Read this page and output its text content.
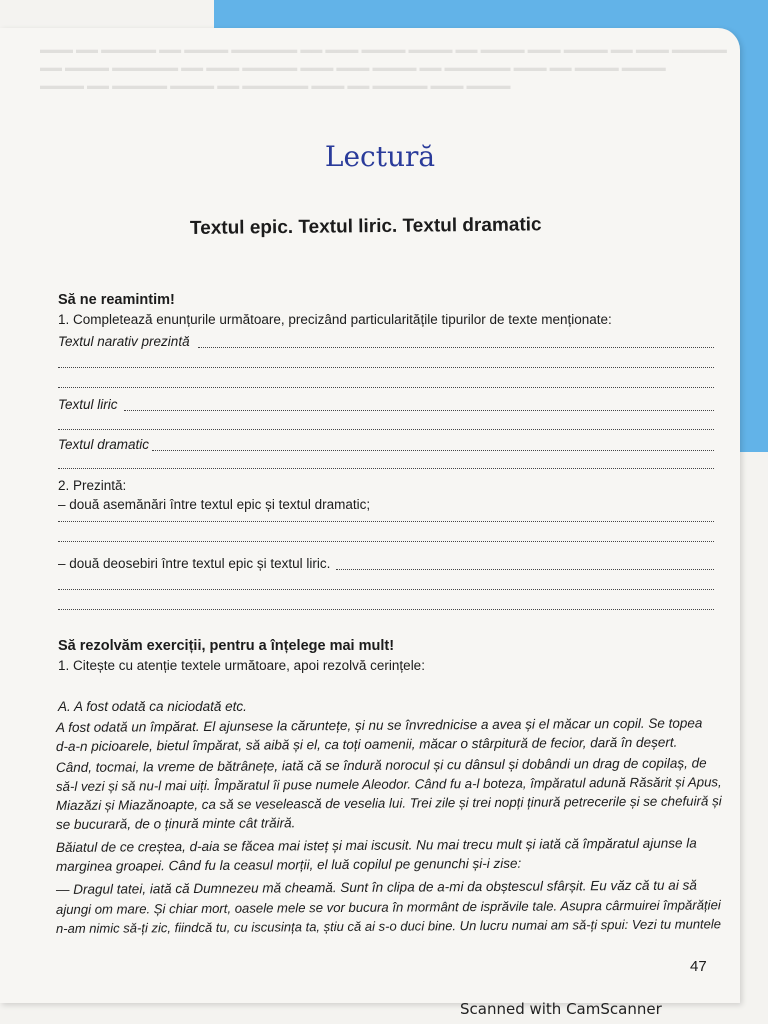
▬▬▬ ▬▬ ▬▬▬▬▬ ▬▬ ▬▬▬▬ ▬▬▬▬▬▬ ▬▬ ▬▬▬ ▬▬▬▬ ▬▬▬▬ ▬▬ ▬▬▬▬ ▬▬▬ ▬▬▬▬ ▬▬ ▬▬▬ ▬▬▬▬▬
▬▬ ▬▬▬▬ ▬▬▬▬▬▬ ▬▬ ▬▬▬ ▬▬▬▬▬ ▬▬▬ ▬▬▬ ▬▬▬▬ ▬▬ ▬▬▬▬▬▬ ▬▬▬ ▬▬ ▬▬▬▬ ▬▬▬▬
▬▬▬▬ ▬▬ ▬▬▬▬▬ ▬▬▬▬ ▬▬ ▬▬▬▬▬▬ ▬▬▬ ▬▬ ▬▬▬▬▬ ▬▬▬ ▬▬▬▬
Lectură
Textul epic. Textul liric. Textul dramatic
Să ne reamintim!
1. Completează enunțurile următoare, precizând particularitățile tipurilor de texte menționate:
Textul narativ prezintă
Textul liric
Textul dramatic
2. Prezintă:
– două asemănări între textul epic și textul dramatic;
– două deosebiri între textul epic și textul liric.
Să rezolvăm exerciții, pentru a înțelege mai mult!
1. Citește cu atenție textele următoare, apoi rezolvă cerințele:
A. A fost odată ca niciodată etc.
A fost odată un împărat. El ajunsese la căruntețe, și nu se învrednicise a avea și el măcar un copil. Se topea
d-a-n picioarele, bietul împărat, să aibă și el, ca toți oamenii, măcar o stârpitură de fecior, dară în deșert.
Când, tocmai, la vreme de bătrânețe, iată că se îndură norocul și cu dânsul și dobândi un drag de copilaș, de
să-l vezi și să nu-l mai uiți. Împăratul îi puse numele Aleodor. Când fu a-l boteza, împăratul adună Răsărit și Apus,
Miazăzi și Miazănoapte, ca să se veselească de veselia lui. Trei zile și trei nopți ținură petrecerile și se chefuiră și
se bucurară, de o ținură minte cât trăiră.
Băiatul de ce creștea, d-aia se făcea mai isteț și mai iscusit. Nu mai trecu mult și iată că împăratul ajunse la
marginea groapei. Când fu la ceasul morții, el luă copilul pe genunchi și-i zise:
— Dragul tatei, iată că Dumnezeu mă cheamă. Sunt în clipa de a-mi da obștescul sfârșit. Eu văz că tu ai să
ajungi om mare. Și chiar mort, oasele mele se vor bucura în mormânt de isprăvile tale. Asupra cârmuirei împărăției
n-am nimic să-ți zic, fiindcă tu, cu iscusința ta, știu că ai s-o duci bine. Un lucru numai am să-ți spui: Vezi tu muntele
47
Scanned with CamScanner
